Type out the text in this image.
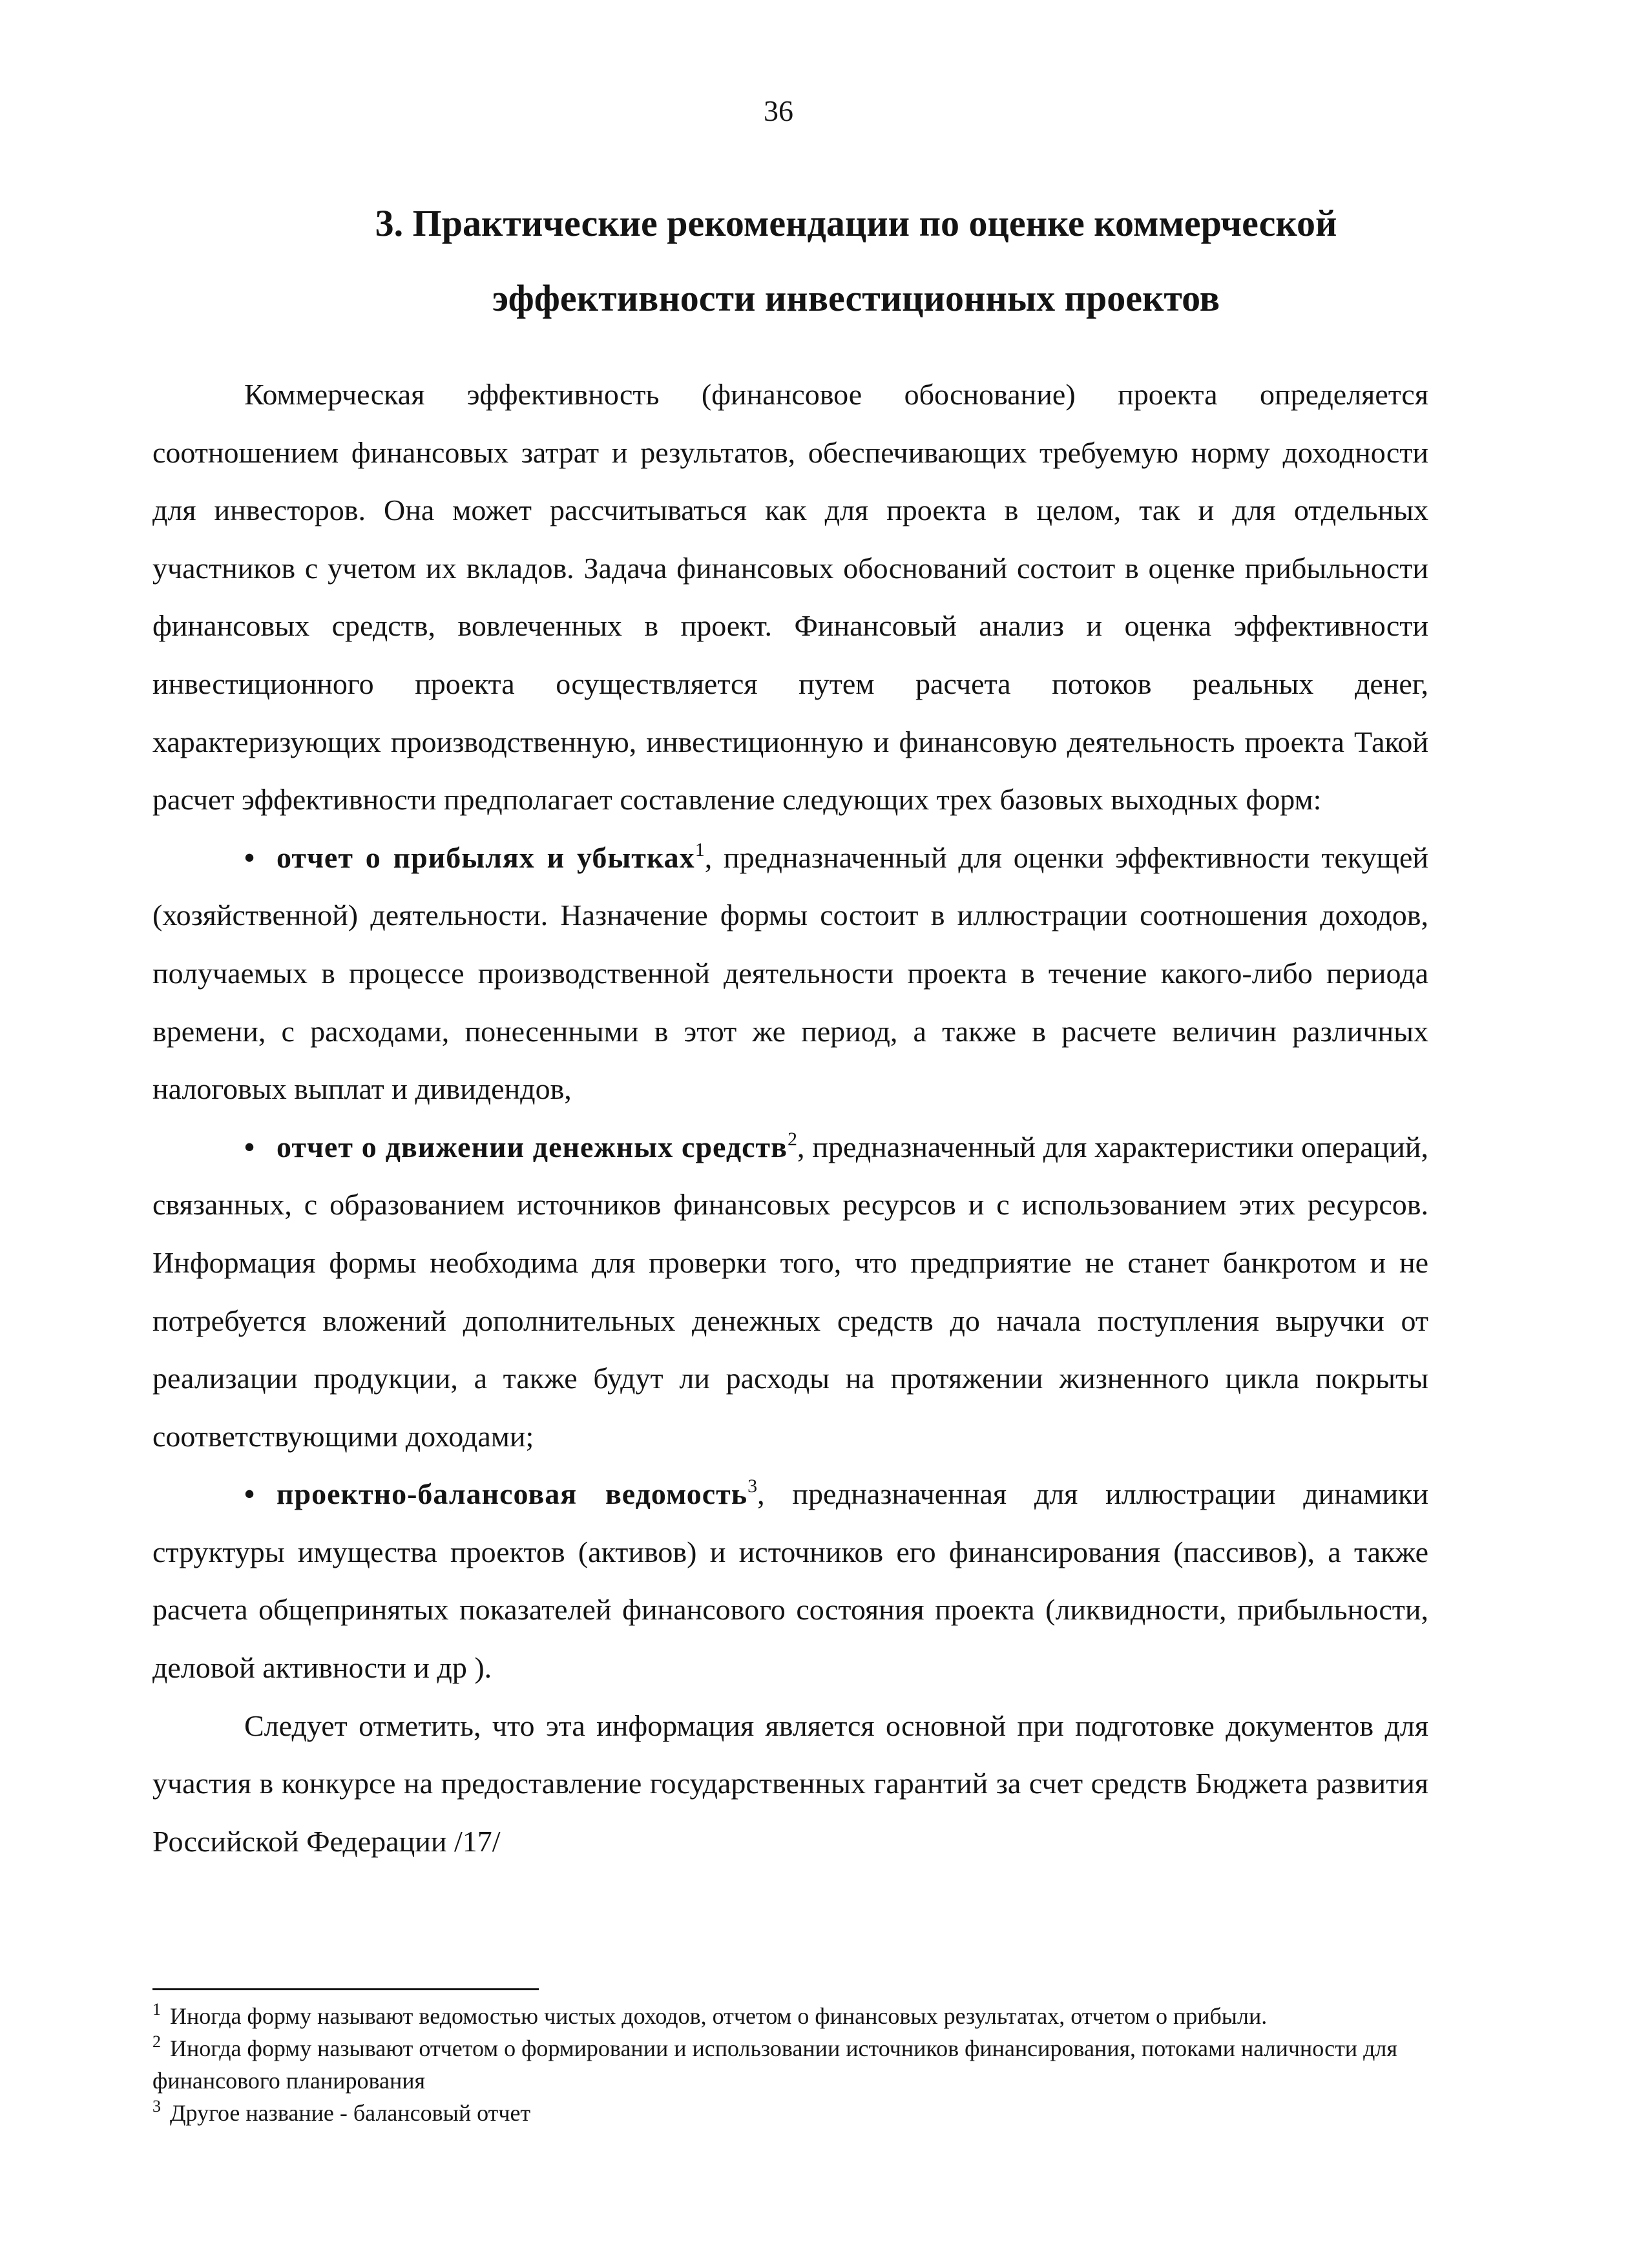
36
3. Практические рекомендации по оценке коммерческой
эффективности инвестиционных проектов

Коммерческая эффективность (финансовое обоснование) проекта определяется соотношением финансовых затрат и результатов, обеспечивающих требуемую норму доходности для инвесторов. Она может рассчитываться как для проекта в целом, так и для отдельных участников с учетом их вкладов. Задача финансовых обоснований состоит в оценке прибыльности финансовых средств, вовлеченных в проект. Финансовый анализ и оценка эффективности инвестиционного проекта осуществляется путем расчета потоков реальных денег, характеризующих производственную, инвестиционную и финансовую деятельность проекта Такой расчет эффективности предполагает составление следующих трех базовых выходных форм:

• отчет о прибылях и убытках$^1$, предназначенный для оценки эффективности текущей (хозяйственной) деятельности. Назначение формы состоит в иллюстрации соотношения доходов, получаемых в процессе производственной деятельности проекта в течение какого-либо периода времени, с расходами, понесенными в этот же период, а также в расчете величин различных налоговых выплат и дивидендов,

• отчет о движении денежных средств$^2$, предназначенный для характеристики операций, связанных, с образованием источников финансовых ресурсов и с использованием этих ресурсов. Информация формы необходима для проверки того, что предприятие не станет банкротом и не потребуется вложений дополнительных денежных средств до начала поступления выручки от реализации продукции, а также будут ли расходы на протяжении жизненного цикла покрыты соответствующими доходами;

• проектно-балансовая ведомость$^3$, предназначенная для иллюстрации динамики структуры имущества проектов (активов) и источников его финансирования (пассивов), а также расчета общепринятых показателей финансового состояния проекта (ликвидности, прибыльности, деловой активности и др ).

Следует отметить, что эта информация является основной при подготовке документов для участия в конкурсе на предоставление государственных гарантий за счет средств Бюджета развития Российской Федерации /17/

$^1$ Иногда форму называют ведомостью чистых доходов, отчетом о финансовых результатах, отчетом о прибыли.

$^2$ Иногда форму называют отчетом о формировании и использовании источников финансирования, потоками наличности для финансового планирования

$^3$ Другое название - балансовый отчет
